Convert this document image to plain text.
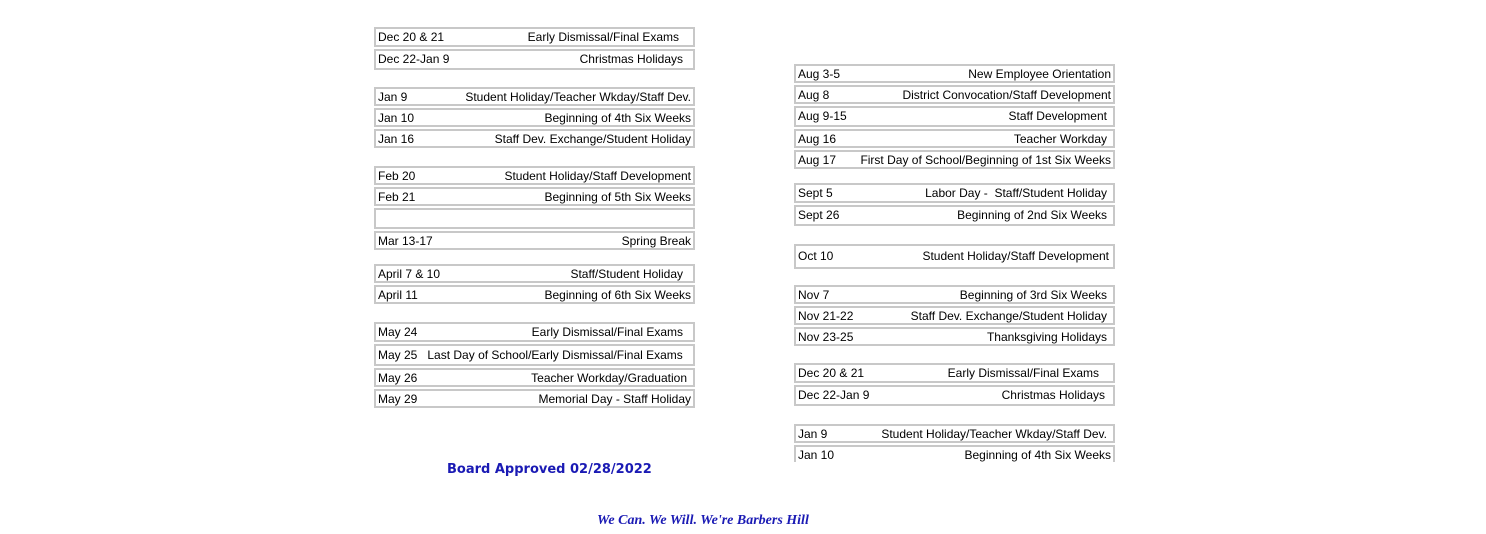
Dec 20 & 21	Early Dismissal/Final Exams
Dec 22-Jan 9	Christmas Holidays
Jan 9	Student Holiday/Teacher Wkday/Staff Dev.
Jan 10	Beginning of 4th Six Weeks
Jan 16	Staff Dev. Exchange/Student Holiday
Feb 20	Student Holiday/Staff Development
Feb 21	Beginning of 5th Six Weeks
Mar 13-17	Spring Break
April 7 & 10	Staff/Student Holiday
April 11	Beginning of 6th Six Weeks
May 24	Early Dismissal/Final Exams
May 25 Last Day of School/Early Dismissal/Final Exams
May 26	Teacher Workday/Graduation
May 29	Memorial Day - Staff Holiday
Aug 3-5	New Employee Orientation
Aug 8	District Convocation/Staff Development
Aug 9-15	Staff Development
Aug 16	Teacher Workday
Aug 17 First Day of School/Beginning of 1st Six Weeks
Sept 5	Labor Day -  Staff/Student Holiday
Sept 26	Beginning of 2nd Six Weeks
Oct 10	Student Holiday/Staff Development
Nov 7	Beginning of 3rd Six Weeks
Nov 21-22	Staff Dev. Exchange/Student Holiday
Nov 23-25	Thanksgiving Holidays
Dec 20 & 21	Early Dismissal/Final Exams
Dec 22-Jan 9	Christmas Holidays
Jan 9	Student Holiday/Teacher Wkday/Staff Dev.
Jan 10	Beginning of 4th Six Weeks
Board Approved 02/28/2022
We Can. We Will. We're Barbers Hill
